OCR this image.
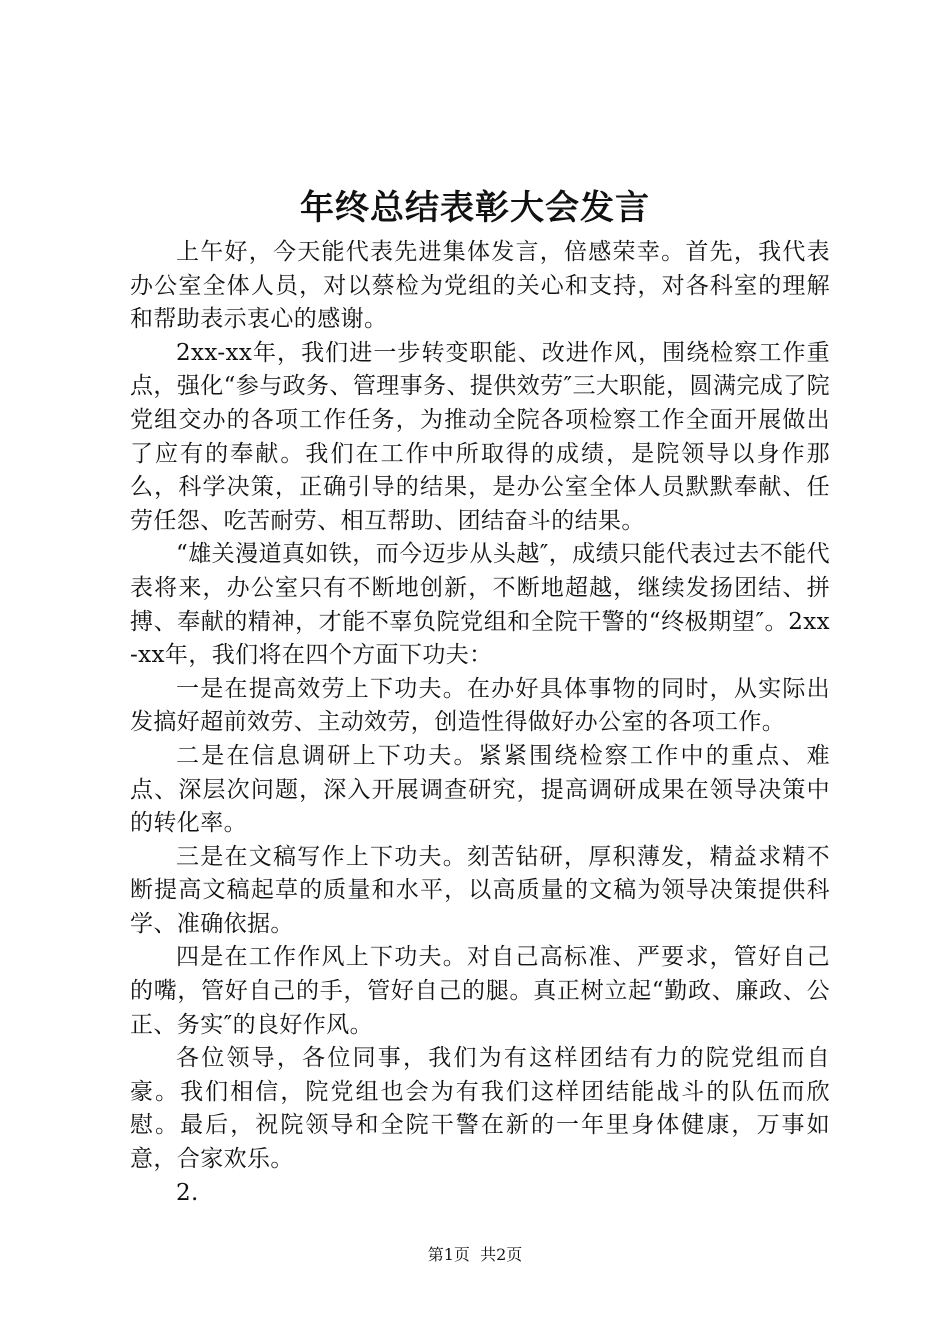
年终总结表彰大会发言

上午好，今天能代表先进集体发言，倍感荣幸。首先，我代表办公室全体人员，对以蔡检为党组的关心和支持，对各科室的理解和帮助表示衷心的感谢。

2xx-xx年，我们进一步转变职能、改进作风，围绕检察工作重点，强化“参与政务、管理事务、提供效劳″三大职能，圆满完成了院党组交办的各项工作任务，为推动全院各项检察工作全面开展做出了应有的奉献。我们在工作中所取得的成绩，是院领导以身作那么，科学决策，正确引导的结果，是办公室全体人员默默奉献、任劳任怨、吃苦耐劳、相互帮助、团结奋斗的结果。

“雄关漫道真如铁，而今迈步从头越″，成绩只能代表过去不能代表将来，办公室只有不断地创新，不断地超越，继续发扬团结、拼搏、奉献的精神，才能不辜负院党组和全院干警的“终极期望″。2xx-xx年，我们将在四个方面下功夫：

一是在提高效劳上下功夫。在办好具体事物的同时，从实际出发搞好超前效劳、主动效劳，创造性得做好办公室的各项工作。

二是在信息调研上下功夫。紧紧围绕检察工作中的重点、难点、深层次问题，深入开展调查研究，提高调研成果在领导决策中的转化率。

三是在文稿写作上下功夫。刻苦钻研，厚积薄发，精益求精不断提高文稿起草的质量和水平，以高质量的文稿为领导决策提供科学、准确依据。

四是在工作作风上下功夫。对自己高标准、严要求，管好自己的嘴，管好自己的手，管好自己的腿。真正树立起“勤政、廉政、公正、务实″的良好作风。

各位领导，各位同事，我们为有这样团结有力的院党组而自豪。我们相信，院党组也会为有我们这样团结能战斗的队伍而欣慰。最后，祝院领导和全院干警在新的一年里身体健康，万事如意，合家欢乐。

2.

第1页  共2页
